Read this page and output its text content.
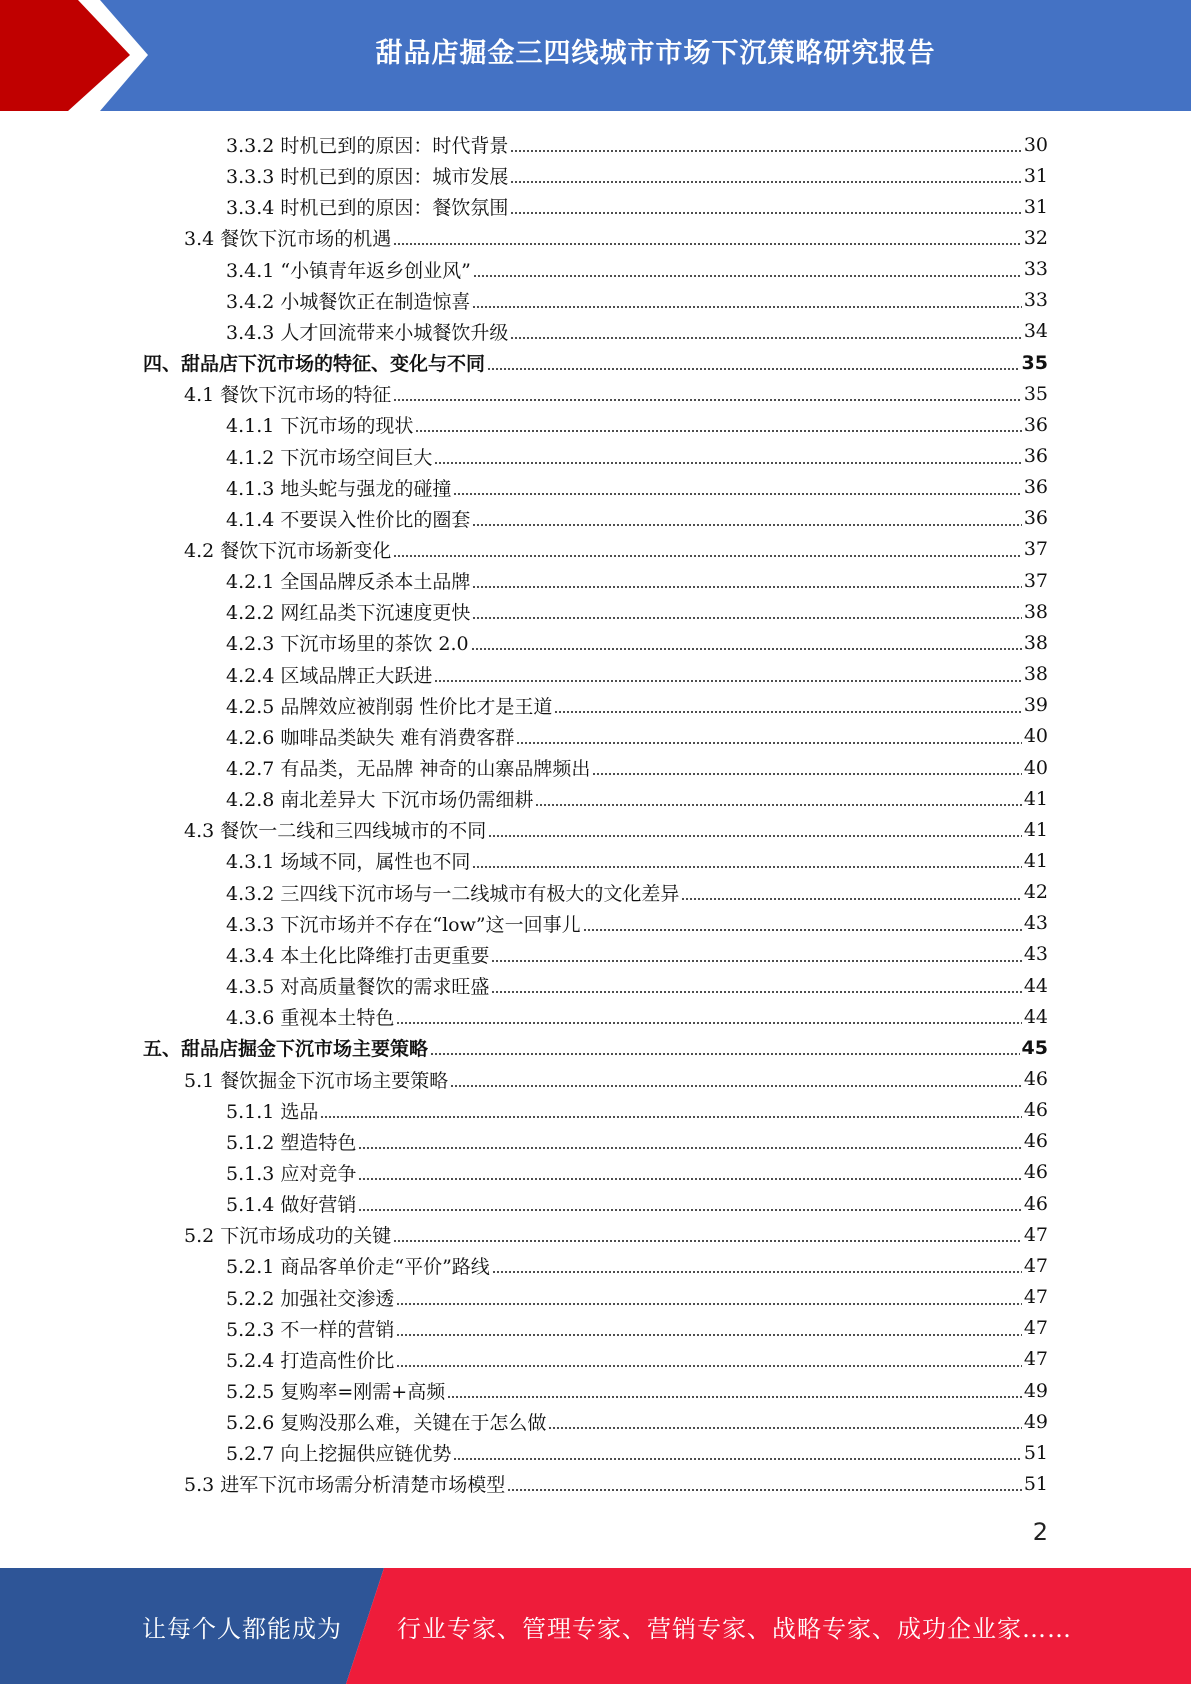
甜品店掘金三四线城市市场下沉策略研究报告
3.3.2 时机已到的原因：时代背景	30
3.3.3 时机已到的原因：城市发展	31
3.3.4 时机已到的原因：餐饮氛围	31
3.4 餐饮下沉市场的机遇	32
3.4.1 “小镇青年返乡创业风”	33
3.4.2 小城餐饮正在制造惊喜	33
3.4.3 人才回流带来小城餐饮升级	34
四、甜品店下沉市场的特征、变化与不同	35
4.1 餐饮下沉市场的特征	35
4.1.1 下沉市场的现状	36
4.1.2 下沉市场空间巨大	36
4.1.3 地头蛇与强龙的碰撞	36
4.1.4 不要误入性价比的圈套	36
4.2 餐饮下沉市场新变化	37
4.2.1 全国品牌反杀本土品牌	37
4.2.2 网红品类下沉速度更快	38
4.2.3 下沉市场里的茶饮 2.0	38
4.2.4 区域品牌正大跃进	38
4.2.5 品牌效应被削弱 性价比才是王道	39
4.2.6 咖啡品类缺失 难有消费客群	40
4.2.7 有品类，无品牌 神奇的山寨品牌频出	40
4.2.8 南北差异大 下沉市场仍需细耕	41
4.3 餐饮一二线和三四线城市的不同	41
4.3.1 场域不同，属性也不同	41
4.3.2 三四线下沉市场与一二线城市有极大的文化差异	42
4.3.3 下沉市场并不存在“low”这一回事儿	43
4.3.4 本土化比降维打击更重要	43
4.3.5 对高质量餐饮的需求旺盛	44
4.3.6 重视本土特色	44
五、甜品店掘金下沉市场主要策略	45
5.1 餐饮掘金下沉市场主要策略	46
5.1.1 选品	46
5.1.2 塑造特色	46
5.1.3 应对竞争	46
5.1.4 做好营销	46
5.2 下沉市场成功的关键	47
5.2.1 商品客单价走“平价”路线	47
5.2.2 加强社交渗透	47
5.2.3 不一样的营销	47
5.2.4 打造高性价比	47
5.2.5 复购率=刚需+高频	49
5.2.6 复购没那么难，关键在于怎么做	49
5.2.7 向上挖掘供应链优势	51
5.3 进军下沉市场需分析清楚市场模型	51
2
让每个人都能成为 行业专家、管理专家、营销专家、战略专家、成功企业家……
